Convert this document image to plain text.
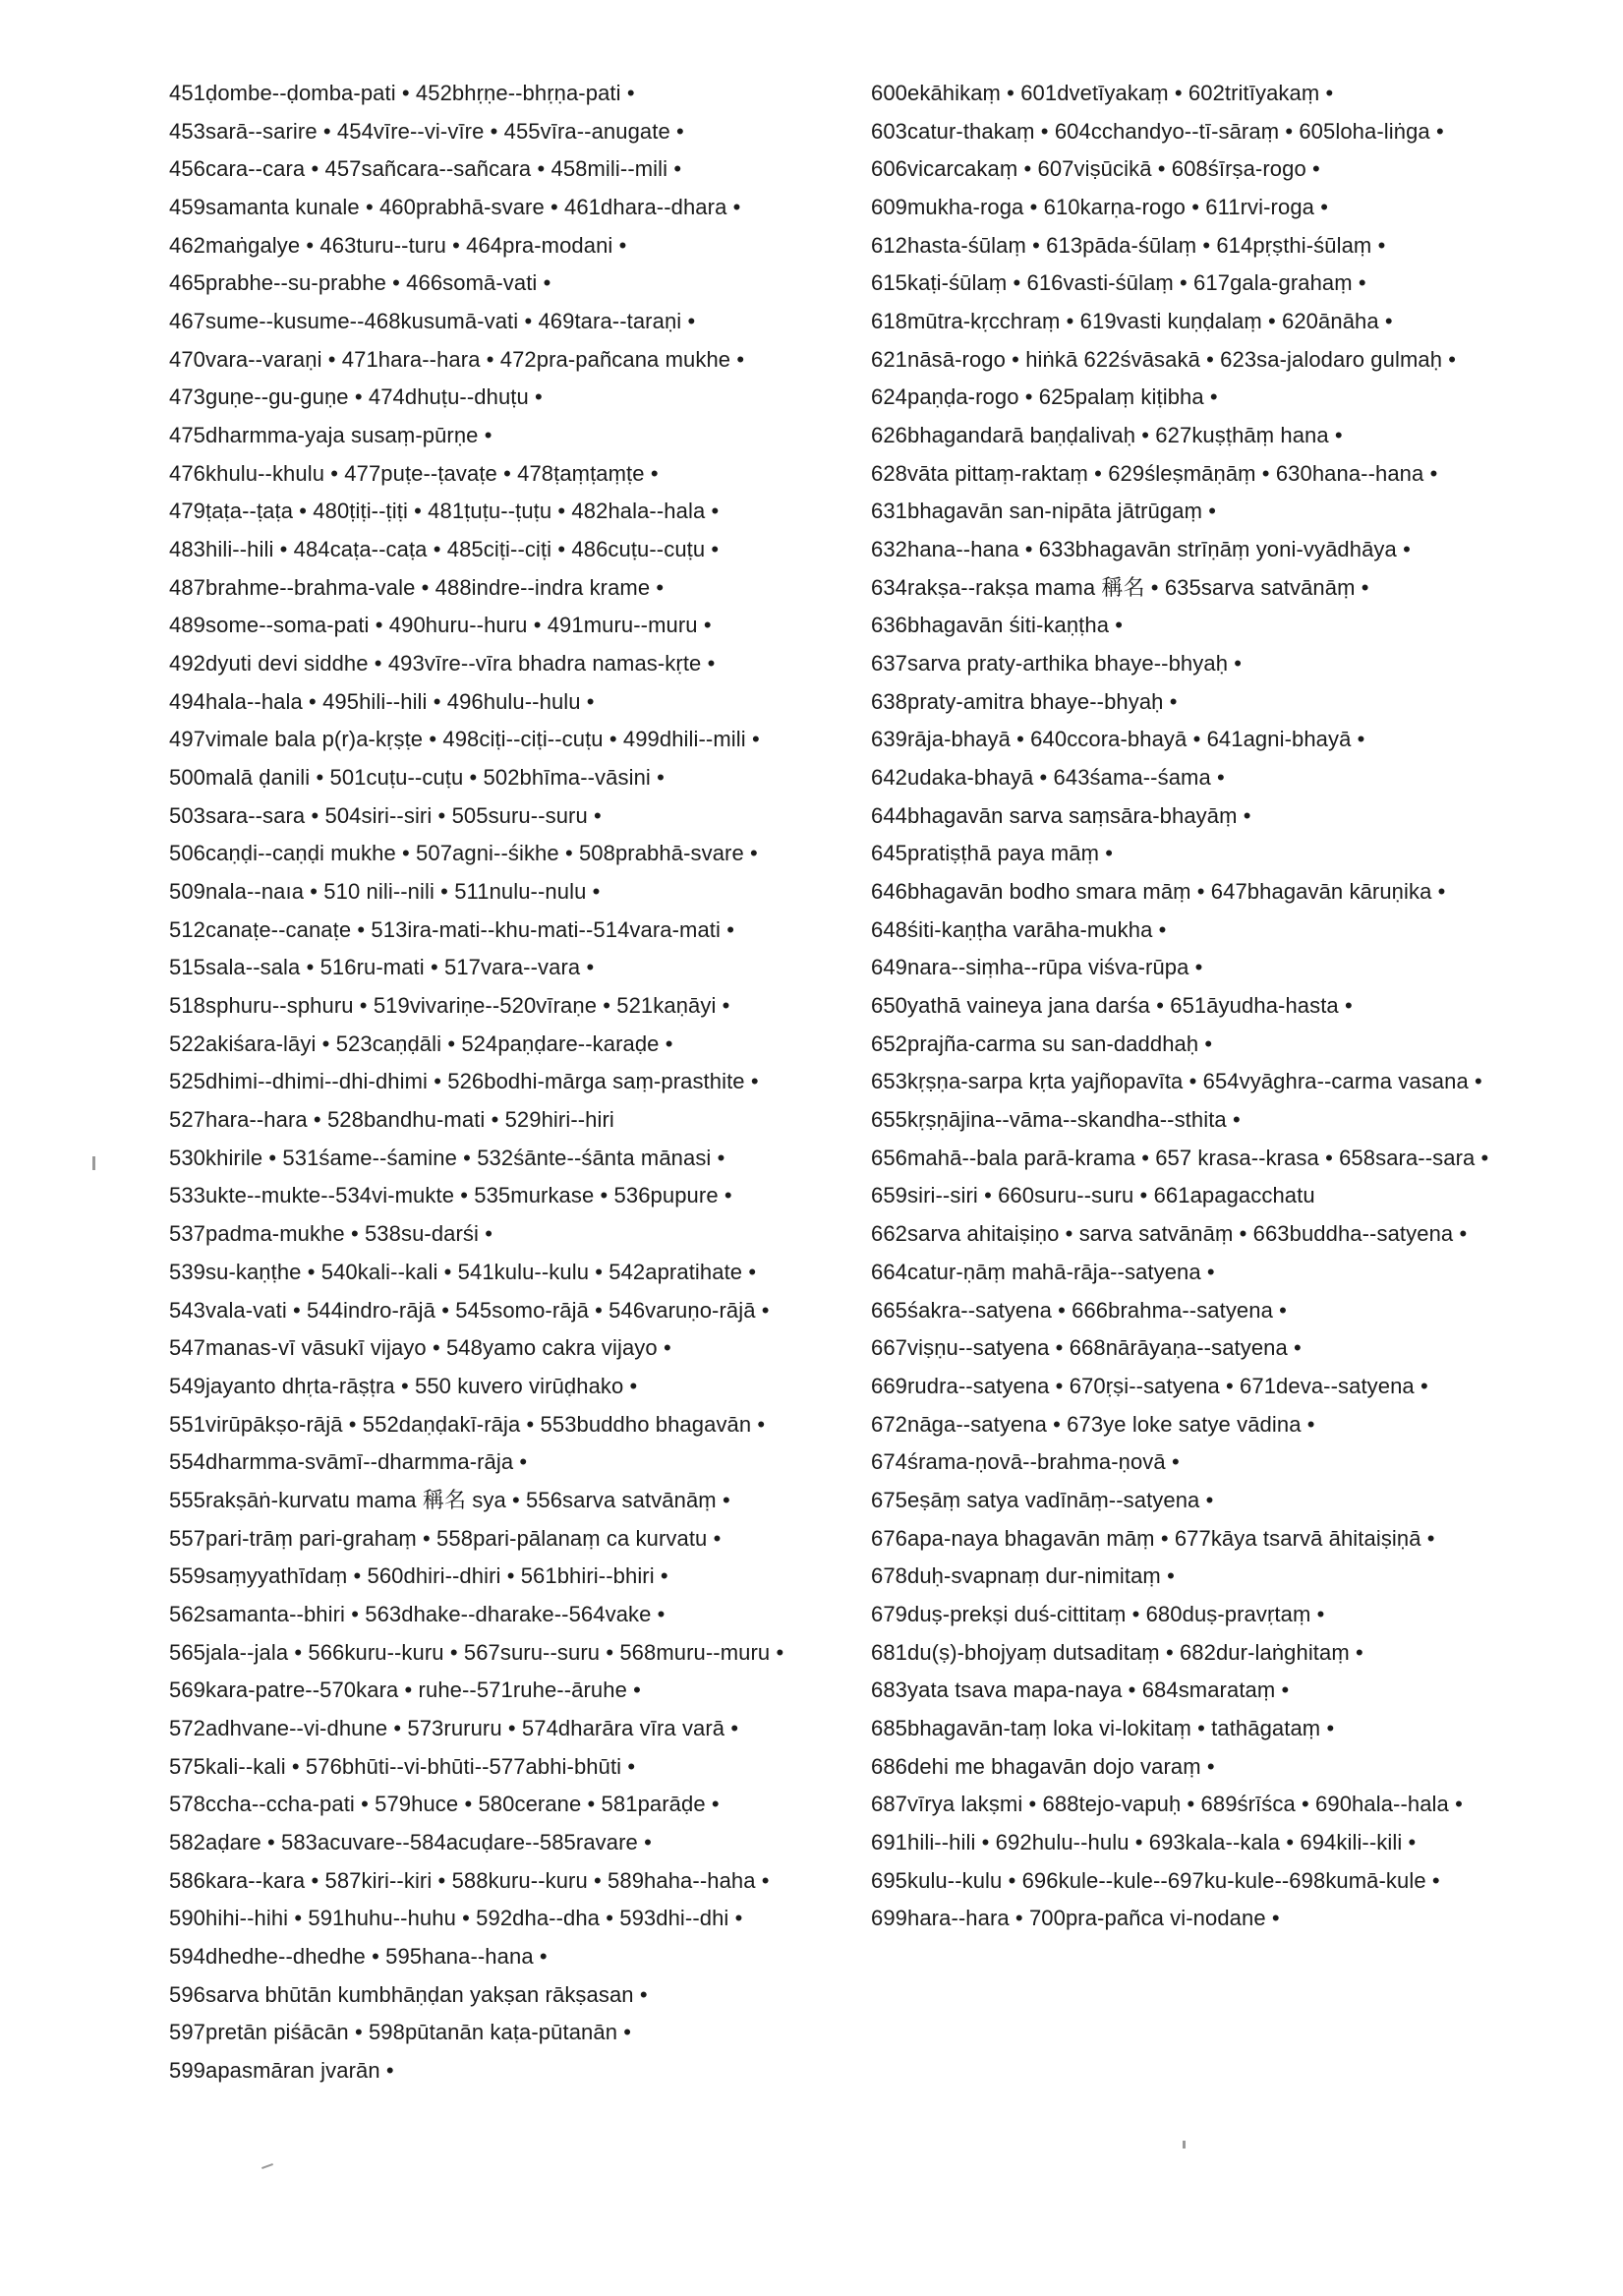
451ḍombe--ḍomba-pati • 452bhṛṇe--bhṛṇa-pati •
453sarā--sarire • 454vīre--vi-vīre • 455vīra--anugate •
456cara--cara • 457sañcara--sañcara • 458mili--mili •
459samanta kunale • 460prabhā-svare • 461dhara--dhara •
462maṅgalye • 463turu--turu • 464pra-modani •
465prabhe--su-prabhe • 466somā-vati •
467sume--kusume--468kusumā-vati • 469tara--taraṇi •
470vara--varaṇi • 471hara--hara • 472pra-pañcana mukhe •
473guṇe--gu-guṇe • 474dhuṭu--dhuṭu •
475dharmma-yaja susaṃ-pūrṇe •
476khulu--khulu • 477puṭe--ṭavaṭe • 478ṭaṃṭaṃṭe •
479ṭaṭa--ṭaṭa • 480ṭiṭi--ṭiṭi • 481ṭuṭu--ṭuṭu • 482hala--hala •
483hili--hili • 484caṭa--caṭa • 485ciṭi--ciṭi • 486cuṭu--cuṭu •
487brahme--brahma-vale • 488indre--indra krame •
489some--soma-pati • 490huru--huru • 491muru--muru •
492dyuti devi siddhe • 493vīre--vīra bhadra namas-kṛte •
494hala--hala • 495hili--hili • 496hulu--hulu •
497vimale bala p(r)a-kṛṣṭe • 498ciṭi--ciṭi--cuṭu • 499dhili--mili •
500malā ḍanili • 501cuṭu--cuṭu • 502bhīma--vāsini •
503sara--sara • 504siri--siri • 505suru--suru •
506caṇḍi--caṇḍi mukhe • 507agni--śikhe • 508prabhā-svare •
509nala--naıa • 510 nili--nili • 511nulu--nulu •
512canaṭe--canaṭe • 513ira-mati--khu-mati--514vara-mati •
515sala--sala • 516ru-mati • 517vara--vara •
518sphuru--sphuru • 519vivariṇe--520vīraṇe • 521kaṇāyi •
522akiśara-lāyi • 523caṇḍāli • 524paṇḍare--karaḍe •
525dhimi--dhimi--dhi-dhimi • 526bodhi-mārga saṃ-prasthite •
527hara--hara • 528bandhu-mati • 529hiri--hiri
530khirile • 531śame--śamine • 532śānte--śānta mānasi •
533ukte--mukte--534vi-mukte • 535murkase • 536pupure •
537padma-mukhe • 538su-darśi •
539su-kaṇṭhe • 540kali--kali • 541kulu--kulu • 542apratihate •
543vala-vati • 544indro-rājā • 545somo-rājā • 546varuṇo-rājā •
547manas-vī vāsukī vijayo • 548yamo cakra vijayo •
549jayanto dhṛta-rāṣṭra • 550 kuvero virūḍhako •
551virūpākṣo-rājā • 552daṇḍakī-rāja • 553buddho bhagavān •
554dharmma-svāmī--dharmma-rāja •
555rakṣāṅ-kurvatu mama 稱名 sya • 556sarva satvānāṃ •
557pari-trāṃ pari-grahaṃ • 558pari-pālanaṃ ca kurvatu •
559saṃyyathīdaṃ • 560dhiri--dhiri • 561bhiri--bhiri •
562samanta--bhiri • 563dhake--dharake--564vake •
565jala--jala • 566kuru--kuru • 567suru--suru • 568muru--muru •
569kara-patre--570kara • ruhe--571ruhe--āruhe •
572adhvane--vi-dhune • 573rururu • 574dharāra vīra varā •
575kali--kali • 576bhūti--vi-bhūti--577abhi-bhūti •
578ccha--ccha-pati • 579huce • 580cerane • 581parāḍe •
582aḍare • 583acuvare--584acuḍare--585ravare •
586kara--kara • 587kiri--kiri • 588kuru--kuru • 589haha--haha •
590hihi--hihi • 591huhu--huhu • 592dha--dha • 593dhi--dhi •
594dhedhe--dhedhe • 595hana--hana •
596sarva bhūtān kumbhāṇḍan yakṣan rākṣasan •
597pretān piśācān • 598pūtanān kaṭa-pūtanān •
599apasmāran jvarān •
600ekāhikaṃ • 601dvetīyakaṃ • 602tritīyakaṃ •
603catur-thakaṃ • 604cchandyo--tī-sāraṃ • 605loha-liṅga •
606vicarcakaṃ • 607viṣūcikā • 608śīrṣa-rogo •
609mukha-roga • 610karṇa-rogo • 611rvi-roga •
612hasta-śūlaṃ • 613pāda-śūlaṃ • 614pṛṣthi-śūlaṃ •
615kaṭi-śūlaṃ • 616vasti-śūlaṃ • 617gala-grahaṃ •
618mūtra-kṛcchraṃ • 619vasti kuṇḍalaṃ • 620ānāha •
621nāsā-rogo • hiṅkā 622śvāsakā • 623sa-jalodaro gulmaḥ •
624paṇḍa-rogo • 625palaṃ kiṭibha •
626bhagandarā baṇḍalivaḥ • 627kuṣṭhāṃ hana •
628vāta pittaṃ-raktaṃ • 629śleṣmāṇāṃ • 630hana--hana •
631bhagavān san-nipāta jātrūgaṃ •
632hana--hana • 633bhagavān strīṇāṃ yoni-vyādhāya •
634rakṣa--rakṣa mama 稱名 • 635sarva satvānāṃ •
636bhagavān śiti-kaṇṭha •
637sarva praty-arthika bhaye--bhyaḥ •
638praty-amitra bhaye--bhyaḥ •
639rāja-bhayā • 640ccora-bhayā • 641agni-bhayā •
642udaka-bhayā • 643śama--śama •
644bhagavān sarva saṃsāra-bhayāṃ •
645pratiṣṭhā paya māṃ •
646bhagavān bodho smara māṃ • 647bhagavān kāruṇika •
648śiti-kaṇṭha varāha-mukha •
649nara--siṃha--rūpa viśva-rūpa •
650yathā vaineya jana darśa • 651āyudha-hasta •
652prajña-carma su san-daddhaḥ •
653kṛṣṇa-sarpa kṛta yajñopavīta • 654vyāghra--carma vasana •
655kṛṣṇājina--vāma--skandha--sthita •
656mahā--bala parā-krama • 657 krasa--krasa • 658sara--sara •
659siri--siri • 660suru--suru • 661apagacchatu
662sarva ahitaiṣiṇo • sarva satvānāṃ • 663buddha--satyena •
664catur-ṇāṃ mahā-rāja--satyena •
665śakra--satyena • 666brahma--satyena •
667viṣṇu--satyena • 668nārāyaṇa--satyena •
669rudra--satyena • 670ṛṣi--satyena • 671deva--satyena •
672nāga--satyena • 673ye loke satye vādina •
674śrama-ṇovā--brahma-ṇovā •
675eṣāṃ satya vadīnāṃ--satyena •
676apa-naya bhagavān māṃ • 677kāya tsarvā āhitaiṣiṇā •
678duḥ-svapnaṃ dur-nimitaṃ •
679duṣ-prekṣi duś-cittitaṃ • 680duṣ-pravṛtaṃ •
681du(ṣ)-bhojyaṃ dutsaditaṃ • 682dur-laṅghitaṃ •
683yata tsava mapa-naya • 684smarataṃ •
685bhagavān-taṃ loka vi-lokitaṃ • tathāgataṃ •
686dehi me bhagavān dojo varaṃ •
687vīrya lakṣmi • 688tejo-vapuḥ • 689śrīśca • 690hala--hala •
691hili--hili • 692hulu--hulu • 693kala--kala • 694kili--kili •
695kulu--kulu • 696kule--kule--697ku-kule--698kumā-kule •
699hara--hara • 700pra-pañca vi-nodane •
